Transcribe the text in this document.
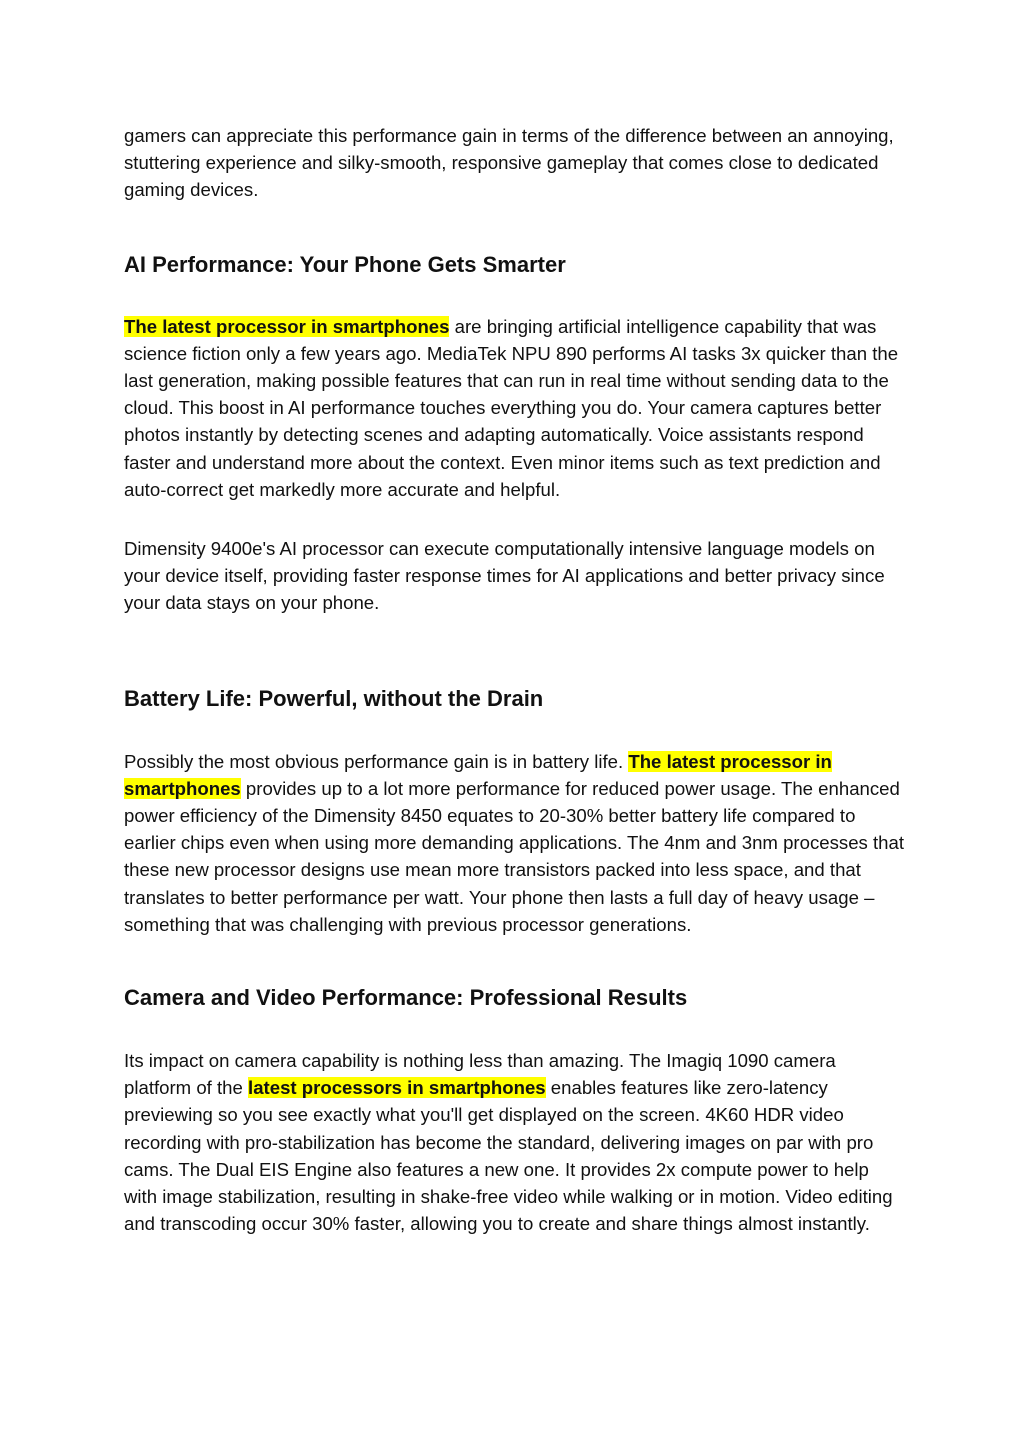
gamers can appreciate this performance gain in terms of the difference between an annoying, stuttering experience and silky-smooth, responsive gameplay that comes close to dedicated gaming devices.

AI Performance: Your Phone Gets Smarter

The latest processor in smartphones are bringing artificial intelligence capability that was science fiction only a few years ago. MediaTek NPU 890 performs AI tasks 3x quicker than the last generation, making possible features that can run in real time without sending data to the cloud. This boost in AI performance touches everything you do. Your camera captures better photos instantly by detecting scenes and adapting automatically. Voice assistants respond faster and understand more about the context. Even minor items such as text prediction and auto-correct get markedly more accurate and helpful.

Dimensity 9400e's AI processor can execute computationally intensive language models on your device itself, providing faster response times for AI applications and better privacy since your data stays on your phone.

Battery Life: Powerful, without the Drain

Possibly the most obvious performance gain is in battery life. The latest processor in smartphones provides up to a lot more performance for reduced power usage. The enhanced power efficiency of the Dimensity 8450 equates to 20-30% better battery life compared to earlier chips even when using more demanding applications. The 4nm and 3nm processes that these new processor designs use mean more transistors packed into less space, and that translates to better performance per watt. Your phone then lasts a full day of heavy usage – something that was challenging with previous processor generations.

Camera and Video Performance: Professional Results

Its impact on camera capability is nothing less than amazing. The Imagiq 1090 camera platform of the latest processors in smartphones enables features like zero-latency previewing so you see exactly what you'll get displayed on the screen. 4K60 HDR video recording with pro-stabilization has become the standard, delivering images on par with pro cams. The Dual EIS Engine also features a new one. It provides 2x compute power to help with image stabilization, resulting in shake-free video while walking or in motion. Video editing and transcoding occur 30% faster, allowing you to create and share things almost instantly.
